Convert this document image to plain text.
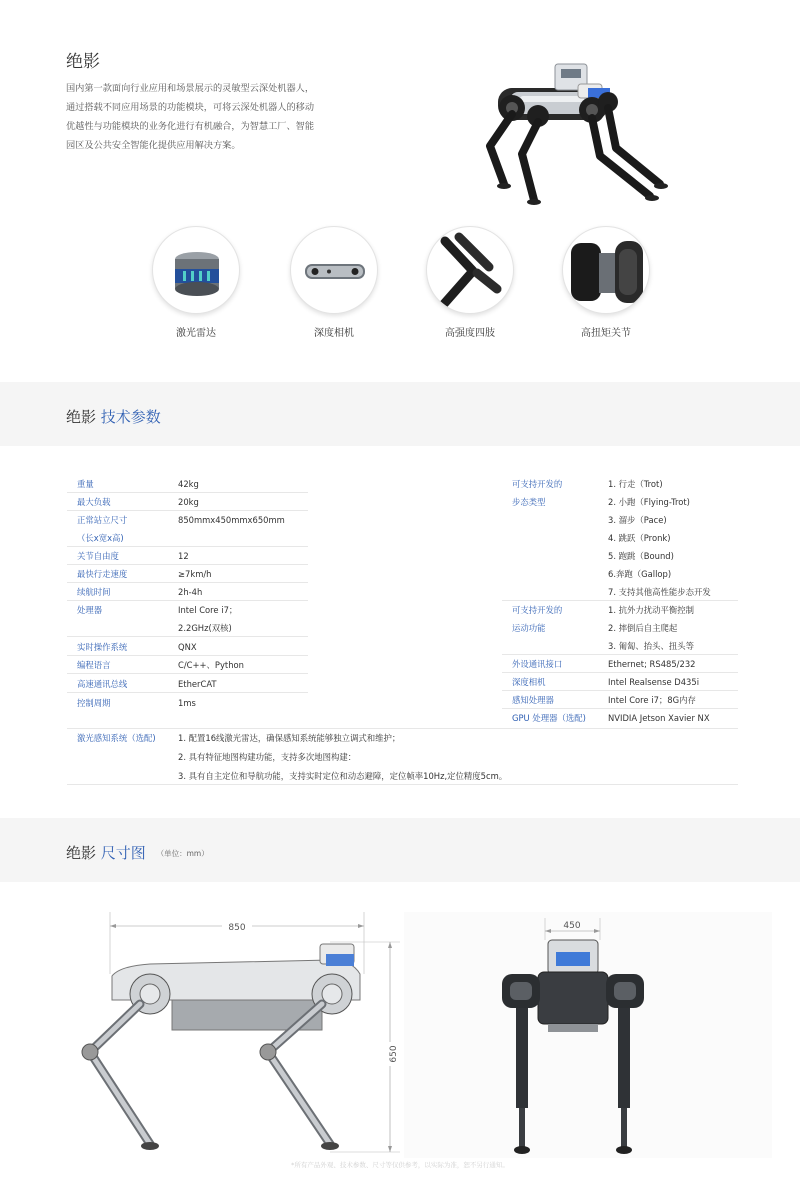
绝影

国内第一款面向行业应用和场景展示的灵敏型云深处机器人，通过搭载不同应用场景的功能模块，可将云深处机器人的移动优越性与功能模块的业务化进行有机融合，为智慧工厂、智能园区及公共安全智能化提供应用解决方案。

激光雷达	深度相机	高强度四肢	高扭矩关节
绝影 技术参数
重量	42kg
最大负载	20kg
正常站立尺寸	850mmx450mmx650mm
（长x宽x高)
关节自由度	12
最快行走速度	≥7km/h
续航时间	2h-4h
处理器	Intel Core i7；
2.2GHz(双核)
实时操作系统	QNX
编程语言	C/C++、Python
高速通讯总线	EtherCAT
控制周期	1ms
可支持开发的	1. 行走（Trot)
步态类型	2. 小跑（Flying-Trot)
3. 溜步（Pace)
4. 跳跃（Pronk)
5. 跑跳（Bound)
6.奔跑（Gallop)
7. 支持其他高性能步态开发
可支持开发的	1. 抗外力扰动平衡控制
运动功能	2. 摔倒后自主爬起
3. 匍匐、抬头、扭头等
外设通讯接口	Ethernet; RS485/232
深度相机	Intel Realsense D435i
感知处理器	Intel Core i7；8G内存
GPU 处理器（选配)	NVIDIA Jetson Xavier NX
激光感知系统（选配)	1. 配置16线激光雷达，确保感知系统能够独立调式和维护；
2. 具有特征地图构建功能，支持多次地图构建：
3. 具有自主定位和导航功能，支持实时定位和动态避障，定位帧率10Hz,定位精度5cm。
绝影 尺寸图 （单位：mm）
850
650
450
*所有产品外观、技术参数、尺寸等仅供参考，以实际为准，恕不另行通知。
